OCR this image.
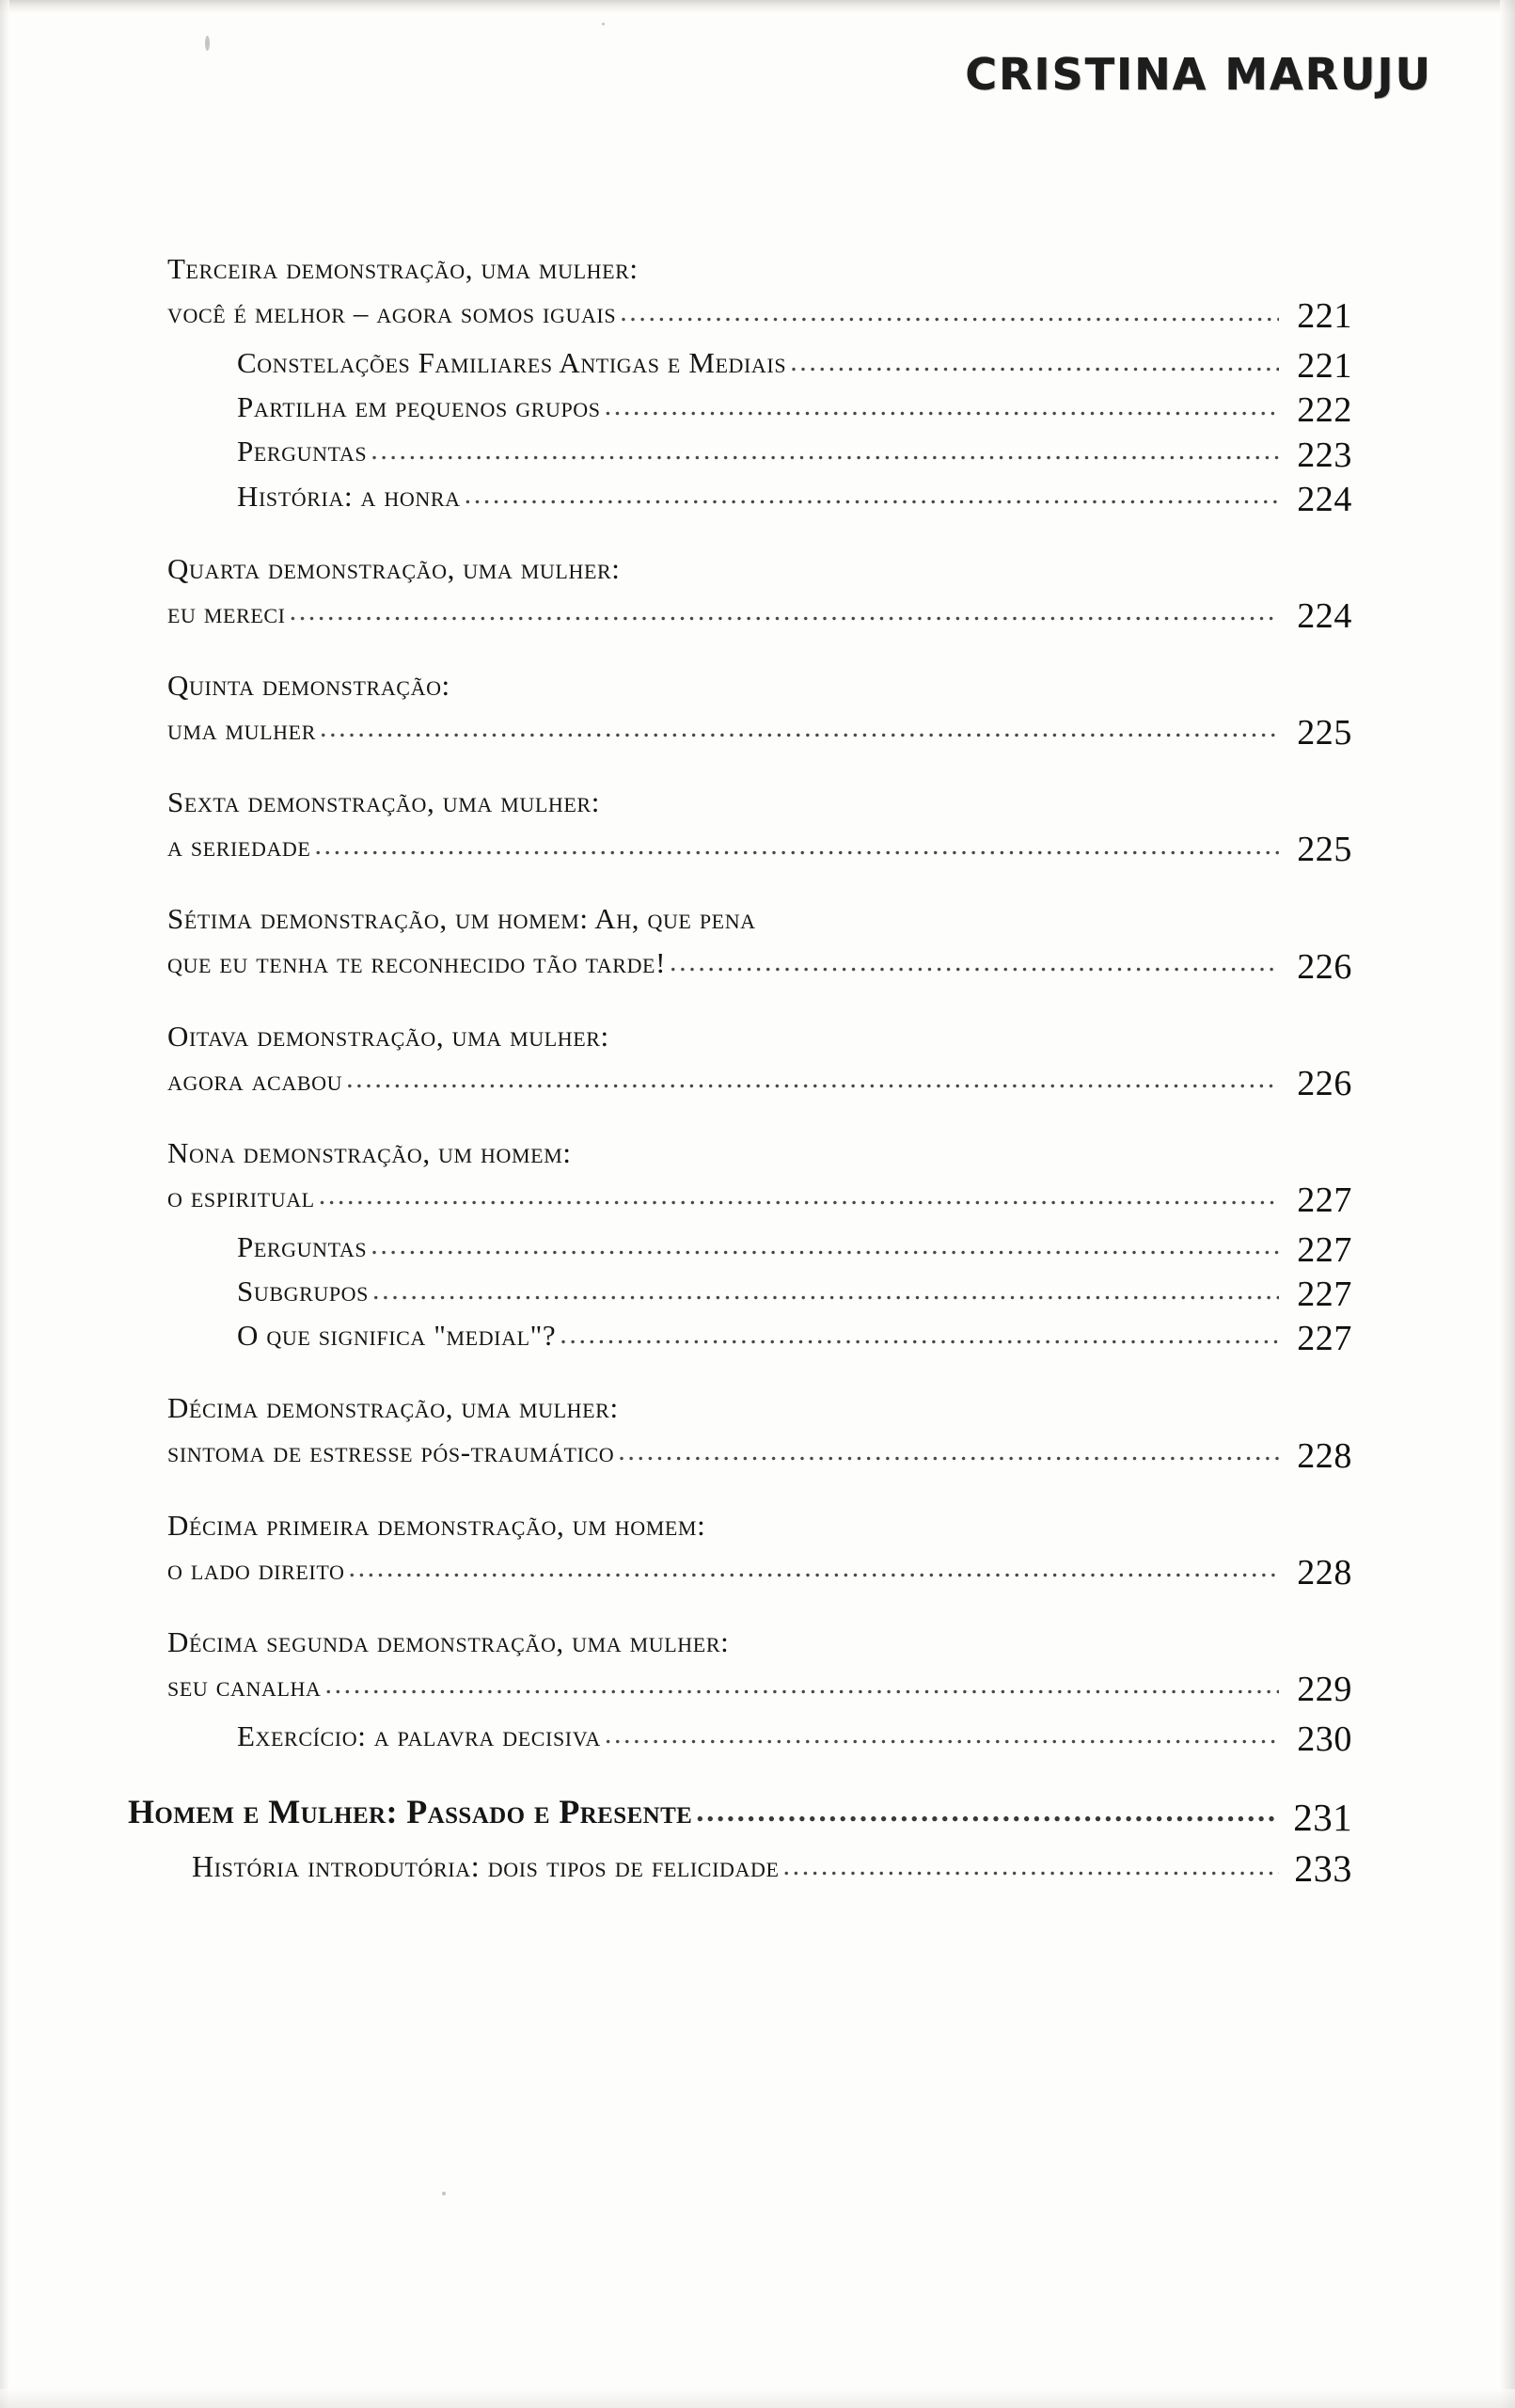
CRISTINA MARUJU
Terceira demonstração, uma mulher:
você é melhor – agora somos iguais .....	221
Constelações Familiares Antigas e Mediais .....	221
Partilha em pequenos grupos .....	222
Perguntas .....	223
História: a honra .....	224
Quarta demonstração, uma mulher:
eu mereci .....	224
Quinta demonstração:
uma mulher .....	225
Sexta demonstração, uma mulher:
a seriedade .....	225
Sétima demonstração, um homem: Ah, que pena
que eu tenha te reconhecido tão tarde! .....	226
Oitava demonstração, uma mulher:
agora acabou .....	226
Nona demonstração, um homem:
o espiritual .....	227
Perguntas .....	227
Subgrupos .....	227
O que significa "medial"? .....	227
Décima demonstração, uma mulher:
sintoma de estresse pós-traumático .....	228
Décima primeira demonstração, um homem:
o lado direito .....	228
Décima segunda demonstração, uma mulher:
seu canalha .....	229
Exercício: a palavra decisiva .....	230
Homem e Mulher: Passado e Presente .....	231
História introdutória: dois tipos de felicidade .....	233
